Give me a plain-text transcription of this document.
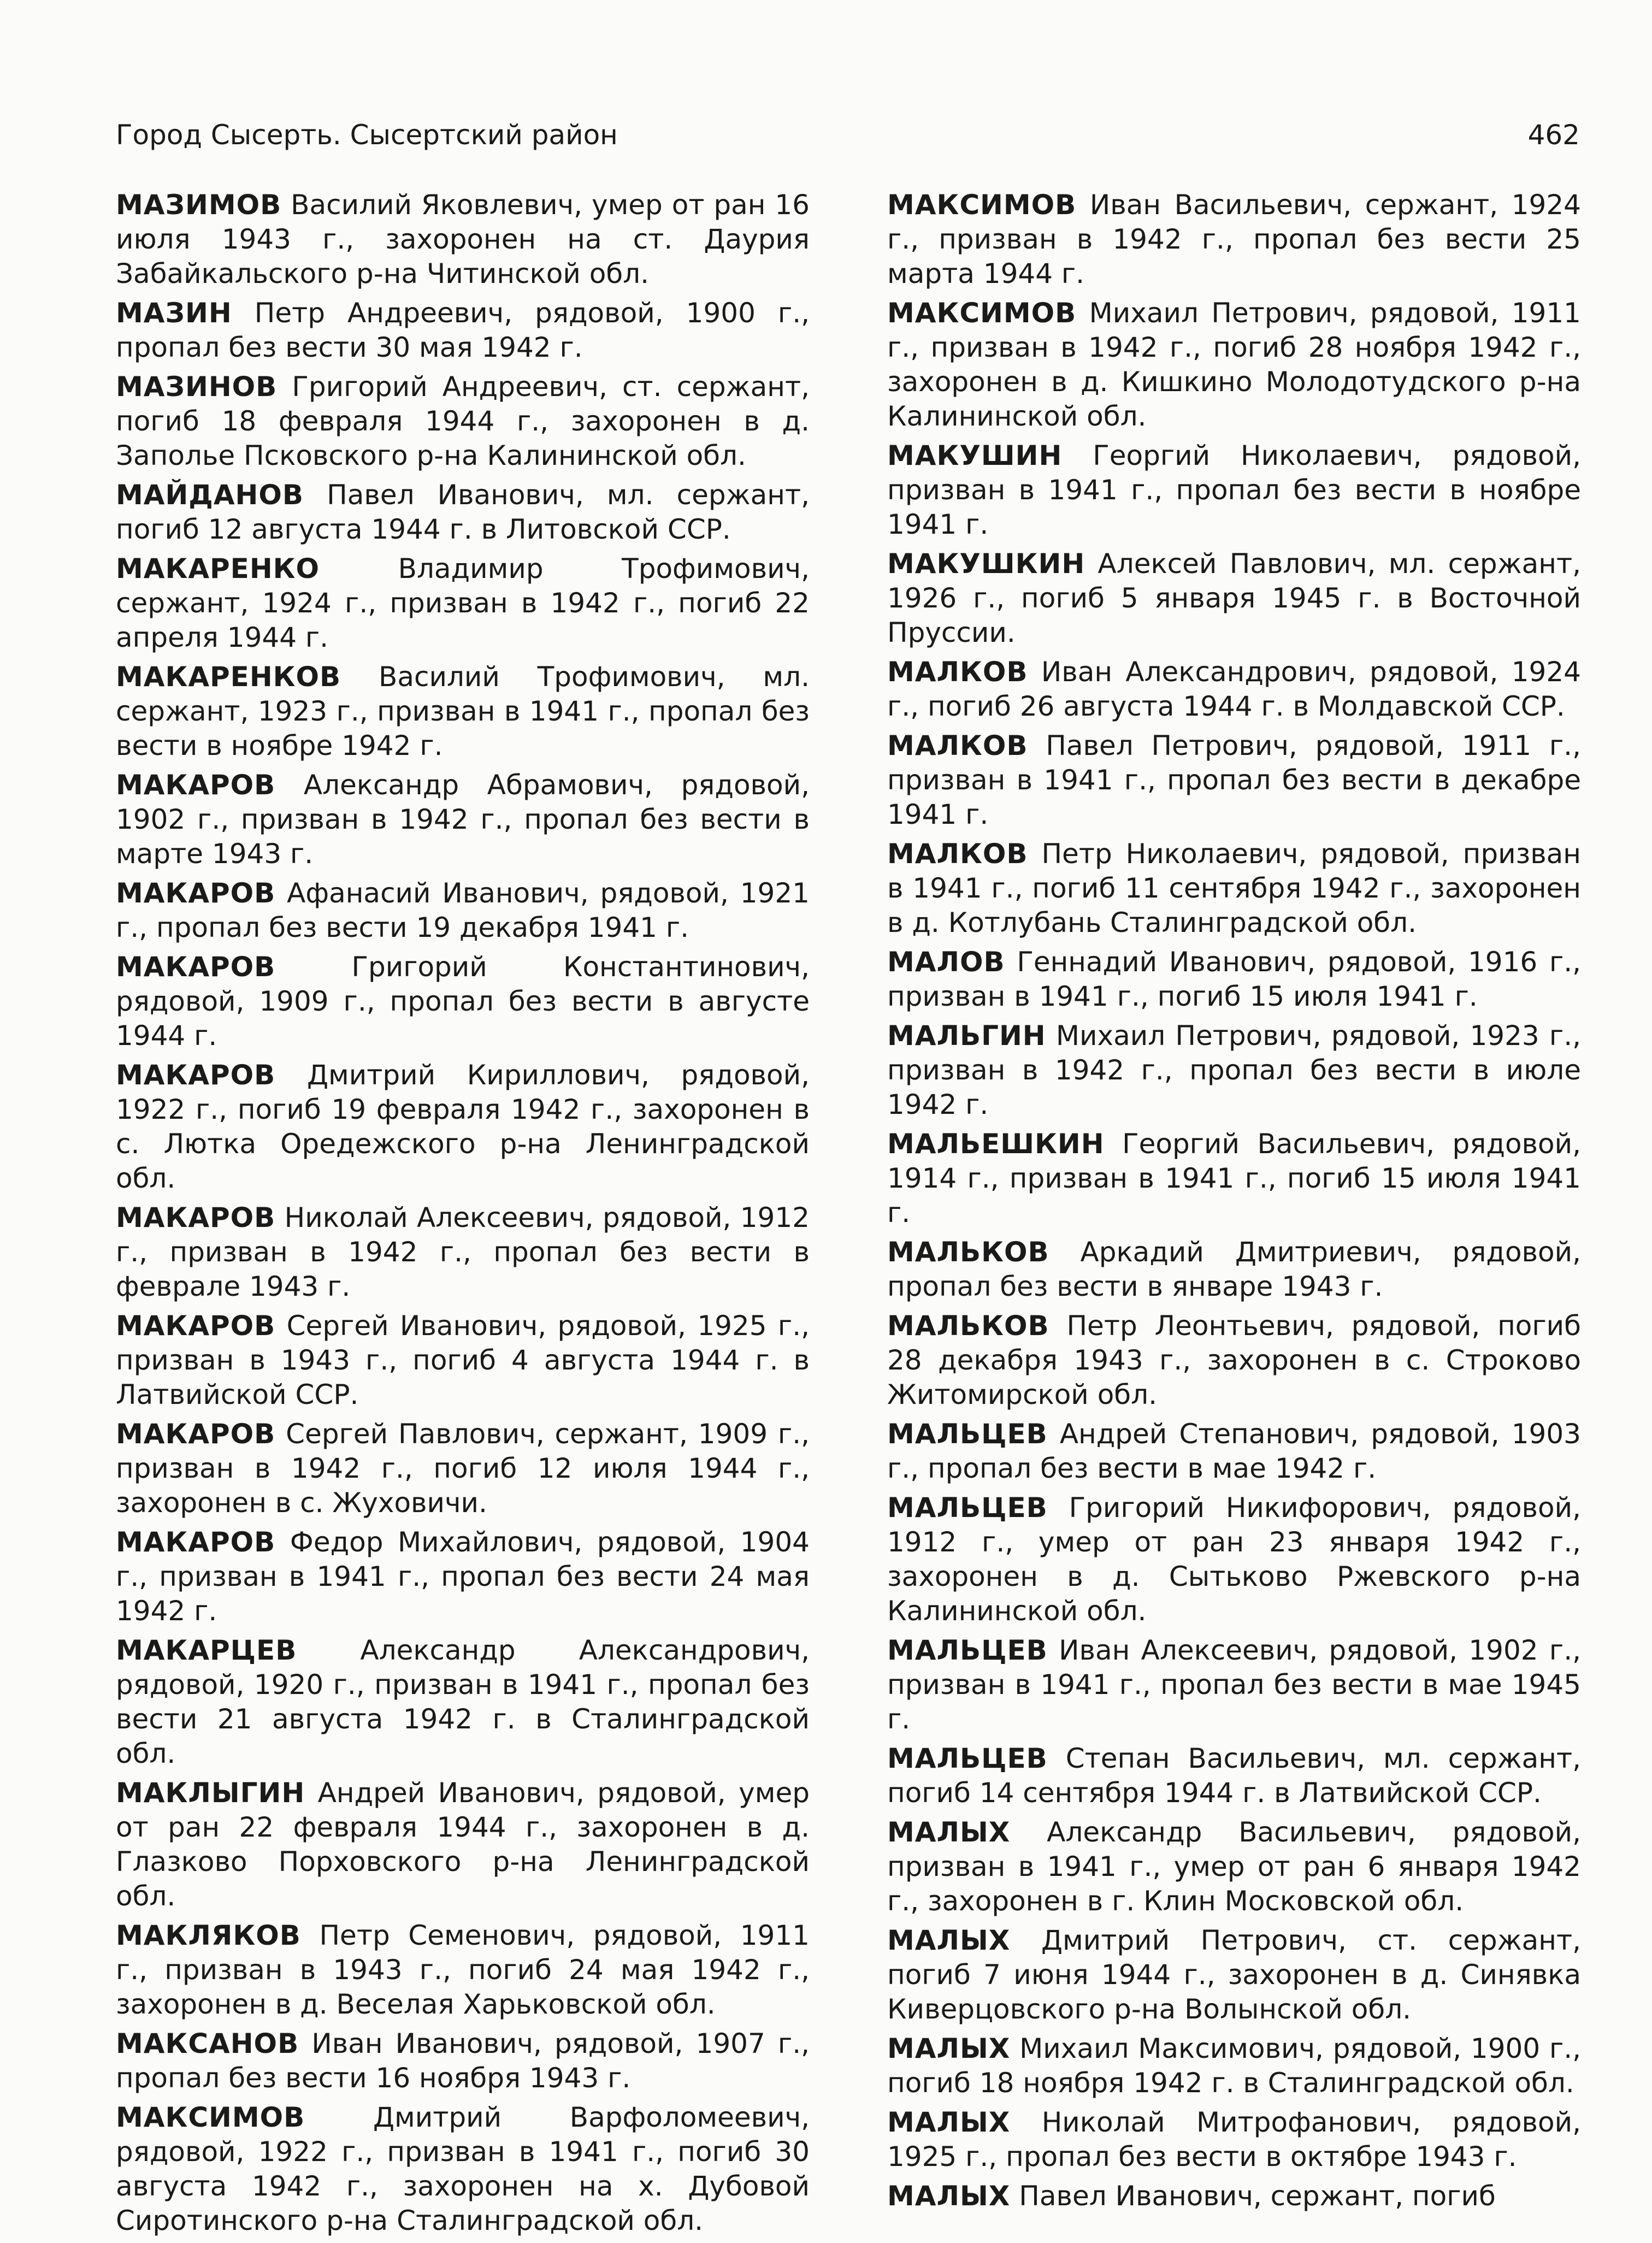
Город Сысерть. Сысертский район	462

МАЗИМОВ Василий Яковлевич, умер от ран 16 июля 1943 г., захоронен на ст. Даурия Забайкальского р-на Читинской обл.

МАЗИН Петр Андреевич, рядовой, 1900 г., пропал без вести 30 мая 1942 г.

МАЗИНОВ Григорий Андреевич, ст. сержант, погиб 18 февраля 1944 г., захоронен в д. Заполье Псковского р-на Калининской обл.

МАЙДАНОВ Павел Иванович, мл. сержант, погиб 12 августа 1944 г. в Литовской ССР.

МАКАРЕНКО	Владимир Трофимович, сержант, 1924 г., призван в 1942 г., погиб 22 апреля 1944 г.

МАКАРЕНКОВ Василий Трофимович, мл. сержант, 1923 г., призван в 1941 г., пропал без вести в ноябре 1942 г.

МАКАРОВ Александр Абрамович, рядовой, 1902 г., призван в 1942 г., пропал без вести в марте 1943 г.

МАКАРОВ Афанасий Иванович, рядовой, 1921 г., пропал без вести 19 декабря 1941 г.

МАКАРОВ	Григорий Константинович, рядовой, 1909 г., пропал без вести в августе 1944 г.

МАКАРОВ Дмитрий Кириллович, рядовой, 1922 г., погиб 19 февраля 1942 г., захоронен в с. Лютка Оредежского р-на Ленинградской обл.

МАКАРОВ Николай Алексеевич, рядовой, 1912 г., призван в 1942 г., пропал без вести в феврале 1943 г.

МАКАРОВ Сергей Иванович, рядовой, 1925 г., призван в 1943 г., погиб 4 августа 1944 г. в Латвийской ССР.

МАКАРОВ Сергей Павлович, сержант, 1909 г., призван в 1942 г., погиб 12 июля 1944 г., захоронен в с. Жуховичи.

МАКАРОВ Федор Михайлович, рядовой, 1904 г., призван в 1941 г., пропал без вести 24 мая 1942 г.

МАКАРЦЕВ Александр Александрович, рядовой, 1920 г., призван в 1941 г., пропал без вести 21 августа 1942 г. в Сталинградской обл.

МАКЛЫГИН Андрей Иванович, рядовой, умер от ран 22 февраля 1944 г., захоронен в д. Глазково Порховского р-на Ленинградской обл.

МАКЛЯКОВ Петр Семенович, рядовой, 1911 г., призван в 1943 г., погиб 24 мая 1942 г., захоронен в д. Веселая Харьковской обл.

МАКСАНОВ Иван Иванович, рядовой, 1907 г., пропал без вести 16 ноября 1943 г.

МАКСИМОВ Дмитрий Варфоломеевич, рядовой, 1922 г., призван в 1941 г., погиб 30 августа 1942 г., захоронен на х. Дубовой Сиротинского р-на Сталинградской обл.

МАКСИМОВ Иван Васильевич, сержант, 1924 г., призван в 1942 г., пропал без вести 25 марта 1944 г.

МАКСИМОВ Михаил Петрович, рядовой, 1911 г., призван в 1942 г., погиб 28 ноября 1942 г., захоронен в д. Кишкино Молодотудского р-на Калининской обл.

МАКУШИН Георгий Николаевич, рядовой, призван в 1941 г., пропал без вести в ноябре 1941 г.

МАКУШКИН Алексей Павлович, мл. сержант, 1926 г., погиб 5 января 1945 г. в Восточной Пруссии.

МАЛКОВ Иван Александрович, рядовой, 1924 г., погиб 26 августа 1944 г. в Молдавской ССР.

МАЛКОВ Павел Петрович, рядовой, 1911 г., призван в 1941 г., пропал без вести в декабре 1941 г.

МАЛКОВ Петр Николаевич, рядовой, призван в 1941 г., погиб 11 сентября 1942 г., захоронен в д. Котлубань Сталинградской обл.

МАЛОВ Геннадий Иванович, рядовой, 1916 г., призван в 1941 г., погиб 15 июля 1941 г.

МАЛЬГИН Михаил Петрович, рядовой, 1923 г., призван в 1942 г., пропал без вести в июле 1942 г.

МАЛЬЕШКИН Георгий Васильевич, рядовой, 1914 г., призван в 1941 г., погиб 15 июля 1941 г.

МАЛЬКОВ Аркадий Дмитриевич, рядовой, пропал без вести в январе 1943 г.

МАЛЬКОВ Петр Леонтьевич, рядовой, погиб 28 декабря 1943 г., захоронен в с. Строково Житомирской обл.

МАЛЬЦЕВ Андрей Степанович, рядовой, 1903 г., пропал без вести в мае 1942 г.

МАЛЬЦЕВ Григорий Никифорович, рядовой, 1912 г., умер от ран 23 января 1942 г., захоронен в д. Сытьково Ржевского р-на Калининской обл.

МАЛЬЦЕВ Иван Алексеевич, рядовой, 1902 г., призван в 1941 г., пропал без вести в мае 1945 г.

МАЛЬЦЕВ Степан Васильевич, мл. сержант, погиб 14 сентября 1944 г. в Латвийской ССР.

МАЛЫХ Александр Васильевич, рядовой, призван в 1941 г., умер от ран 6 января 1942 г., захоронен в г. Клин Московской обл.

МАЛЫХ Дмитрий Петрович, ст. сержант, погиб 7 июня 1944 г., захоронен в д. Синявка Киверцовского р-на Волынской обл.

МАЛЫХ Михаил Максимович, рядовой, 1900 г., погиб 18 ноября 1942 г. в Сталинградской обл.

МАЛЫХ Николай Митрофанович, рядовой, 1925 г., пропал без вести в октябре 1943 г.

МАЛЫХ Павел Иванович, сержант, погиб
